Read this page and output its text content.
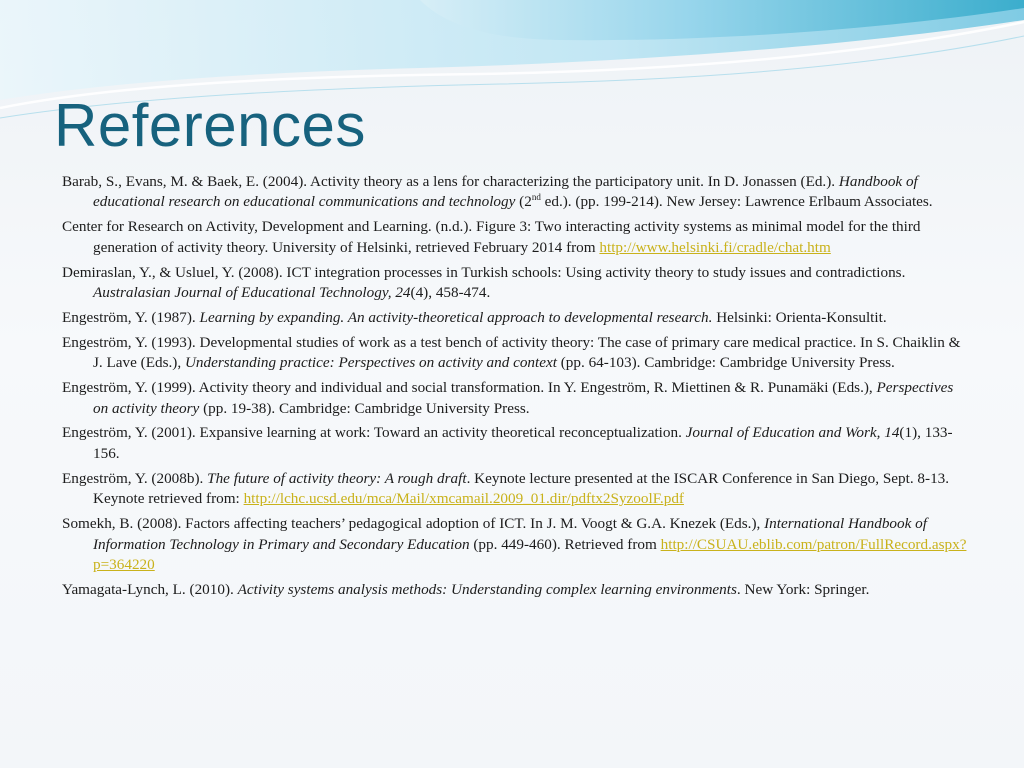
References

Barab, S., Evans, M. & Baek, E. (2004). Activity theory as a lens for characterizing the participatory unit. In D. Jonassen (Ed.). Handbook of educational research on educational communications and technology (2nd ed.). (pp. 199-214). New Jersey: Lawrence Erlbaum Associates.

Center for Research on Activity, Development and Learning. (n.d.). Figure 3: Two interacting activity systems as minimal model for the third generation of activity theory. University of Helsinki, retrieved February 2014 from http://www.helsinki.fi/cradle/chat.htm

Demiraslan, Y., & Usluel, Y. (2008). ICT integration processes in Turkish schools: Using activity theory to study issues and contradictions. Australasian Journal of Educational Technology, 24(4), 458-474.

Engeström, Y. (1987). Learning by expanding. An activity-theoretical approach to developmental research. Helsinki: Orienta-Konsultit.

Engeström, Y. (1993). Developmental studies of work as a test bench of activity theory: The case of primary care medical practice. In S. Chaiklin & J. Lave (Eds.), Understanding practice: Perspectives on activity and context (pp. 64-103). Cambridge: Cambridge University Press.

Engeström, Y. (1999). Activity theory and individual and social transformation. In Y. Engeström, R. Miettinen & R. Punamäki (Eds.), Perspectives on activity theory (pp. 19-38). Cambridge: Cambridge University Press.

Engeström, Y. (2001). Expansive learning at work: Toward an activity theoretical reconceptualization. Journal of Education and Work, 14(1), 133-156.

Engeström, Y. (2008b). The future of activity theory: A rough draft. Keynote lecture presented at the ISCAR Conference in San Diego, Sept. 8-13. Keynote retrieved from: http://lchc.ucsd.edu/mca/Mail/xmcamail.2009_01.dir/pdftx2SyzoolF.pdf

Somekh, B. (2008). Factors affecting teachers’ pedagogical adoption of ICT. In J. M. Voogt & G.A. Knezek (Eds.), International Handbook of Information Technology in Primary and Secondary Education (pp. 449-460). Retrieved from http://CSUAU.eblib.com/patron/FullRecord.aspx?p=364220

Yamagata-Lynch, L. (2010). Activity systems analysis methods: Understanding complex learning environments. New York: Springer.
